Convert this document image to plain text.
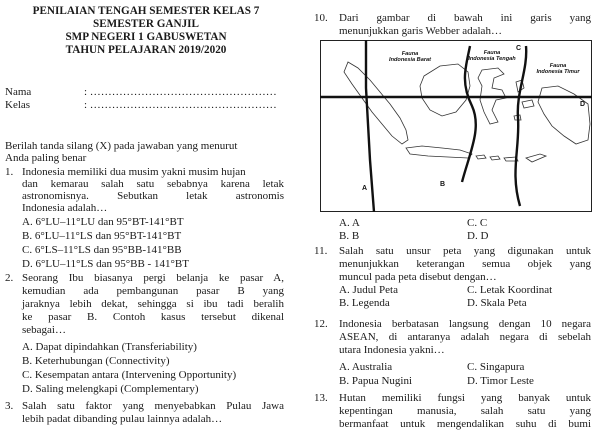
PENILAIAN TENGAH SEMESTER KELAS 7
SEMESTER GANJIL
SMP NEGERI 1 GABUSWETAN
TAHUN PELAJARAN 2019/2020
Nama	: ……………………………………………
Kelas	: ……………………………………………
Berilah tanda silang (X) pada jawaban yang menurut
Anda paling benar
1. Indonesia memiliki dua musim yakni musim hujan
dan kemarau salah satu sebabnya karena letak
astronomisnya. Sebutkan letak astronomis
Indonesia adalah…
A. 6°LU–11°LU dan 95°BT-141°BT
B. 6°LU–11°LS dan 95°BT-141°BT
C. 6°LS–11°LS dan 95°BB-141°BB
D. 6°LU–11°LS dan 95°BB - 141°BT
2. Seorang Ibu biasanya pergi belanja ke pasar A,
kemudian ada pembangunan pasar B yang
jaraknya lebih dekat, sehingga si ibu tadi beralih
ke pasar B. Contoh kasus tersebut dikenal
sebagai…
A. Dapat dipindahkan (Transferiability)
B. Keterhubungan (Connectivity)
C. Kesempatan antara (Intervening Opportunity)
D. Saling melengkapi (Complementary)
3. Salah satu faktor yang menyebabkan Pulau Jawa
lebih padat dibanding pulau lainnya adalah…
10. Dari gambar di bawah ini garis yang
menunjukkan garis Webber adalah…
Fauna
Indonesia Barat
Fauna
Indonesia Tengah
Fauna
Indonesia Timur
A
B
C
D
A. A
B. B
C. C
D. D
11. Salah satu unsur peta yang digunakan untuk
menunjukkan keterangan semua objek yang
muncul pada peta disebut dengan…
A. Judul Peta
B. Legenda
C. Letak Koordinat
D. Skala Peta
12. Indonesia berbatasan langsung dengan 10 negara
ASEAN, di antaranya adalah negara di sebelah
utara Indonesia yakni…
A. Australia
B. Papua Nugini
C. Singapura
D. Timor Leste
13. Hutan memiliki fungsi yang banyak untuk
kepentingan manusia, salah satu yang
bermanfaat untuk mengendalikan suhu di bumi
